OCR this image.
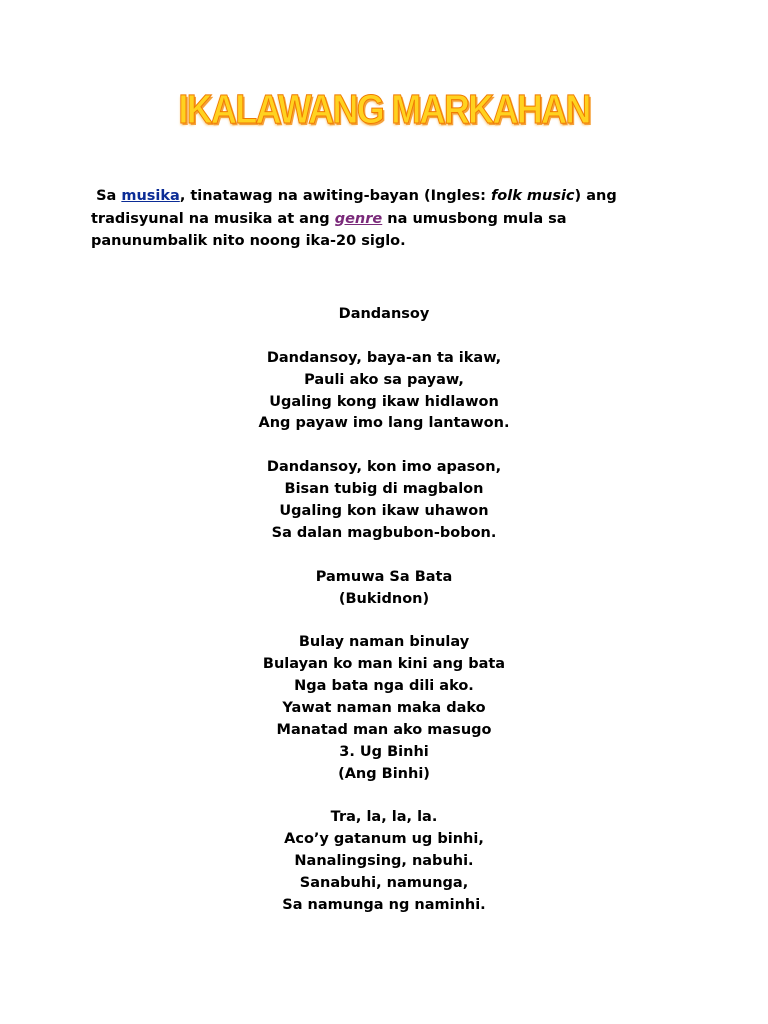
IKALAWANG MARKAHAN
Sa musika, tinatawag na awiting-bayan (Ingles: folk music) ang tradisyunal na musika at ang genre na umusbong mula sa panunumbalik nito noong ika-20 siglo.
Dandansoy
Dandansoy, baya-an ta ikaw,
Pauli ako sa payaw,
Ugaling kong ikaw hidlawon
Ang payaw imo lang lantawon.
Dandansoy, kon imo apason,
Bisan tubig di magbalon
Ugaling kon ikaw uhawon
Sa dalan magbubon-bobon.
Pamuwa Sa Bata
(Bukidnon)
Bulay naman binulay
Bulayan ko man kini ang bata
Nga bata nga dili ako.
Yawat naman maka dako
Manatad man ako masugo
3. Ug Binhi
(Ang Binhi)
Tra, la, la, la.
Aco’y gatanum ug binhi,
Nanalingsing, nabuhi.
Sanabuhi, namunga,
Sa namunga ng naminhi.
